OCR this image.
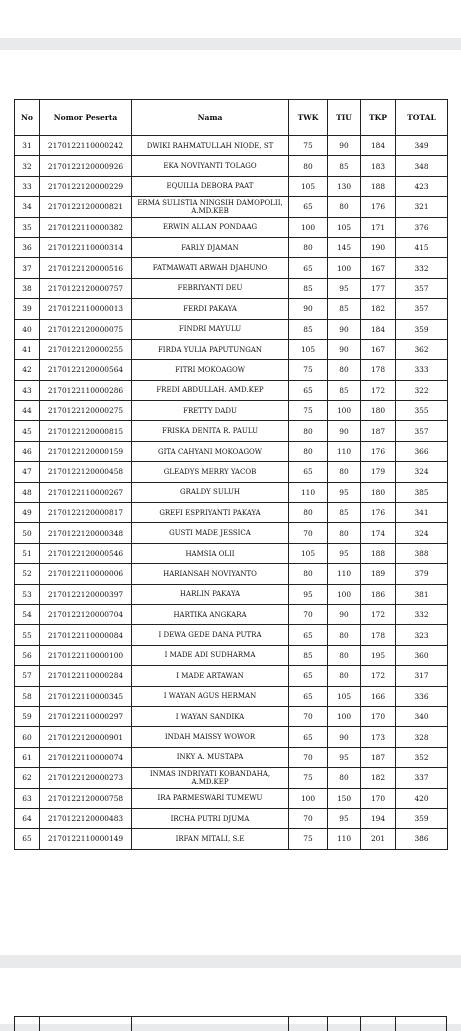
No	Nomor Peserta	Nama	TWK	TIU	TKP	TOTAL
31	2170122110000242	DWIKI RAHMATULLAH NIODE, ST	75	90	184	349
32	2170122120000926	EKA NOVIYANTI TOLAGO	80	85	183	348
33	2170122120000229	EQUILIA DEBORA PAAT	105	130	188	423
34	2170122120000821	ERMA SULISTIA NINGSIH DAMOPOLII, A.MD.KEB	65	80	176	321
35	2170122110000382	ERWIN ALLAN PONDAAG	100	105	171	376
36	2170122110000314	FARLY DJAMAN	80	145	190	415
37	2170122120000516	FATMAWATI ARWAH DJAHUNO	65	100	167	332
38	2170122120000757	FEBRIYANTI DEU	85	95	177	357
39	2170122110000013	FERDI PAKAYA	90	85	182	357
40	2170122120000075	FINDRI MAYULU	85	90	184	359
41	2170122120000255	FIRDA YULIA PAPUTUNGAN	105	90	167	362
42	2170122120000564	FITRI MOKOAGOW	75	80	178	333
43	2170122110000286	FREDI ABDULLAH. AMD.KEP	65	85	172	322
44	2170122120000275	FRETTY DADU	75	100	180	355
45	2170122120000815	FRISKA DENITA R. PAULU	80	90	187	357
46	2170122120000159	GITA CAHYANI MOKOAGOW	80	110	176	366
47	2170122120000458	GLEADYS MERRY YACOB	65	80	179	324
48	2170122110000267	GRALDY SULUH	110	95	180	385
49	2170122120000817	GREFI ESPRIYANTI PAKAYA	80	85	176	341
50	2170122120000348	GUSTI MADE JESSICA	70	80	174	324
51	2170122120000546	HAMSIA OLII	105	95	188	388
52	2170122110000006	HARIANSAH NOVIYANTO	80	110	189	379
53	2170122120000397	HARLIN PAKAYA	95	100	186	381
54	2170122120000704	HARTIKA ANGKARA	70	90	172	332
55	2170122110000084	I DEWA GEDE DANA PUTRA	65	80	178	323
56	2170122110000100	I MADE ADI SUDHARMA	85	80	195	360
57	2170122110000284	I MADE ARTAWAN	65	80	172	317
58	2170122110000345	I WAYAN AGUS HERMAN	65	105	166	336
59	2170122110000297	I WAYAN SANDIKA	70	100	170	340
60	2170122120000901	INDAH MAISSY WOWOR	65	90	173	328
61	2170122110000074	INKY A. MUSTAPA	70	95	187	352
62	2170122120000273	INMAS INDRIYATI KOBANDAHA, A.MD.KEP	75	80	182	337
63	2170122120000758	IRA PARMESWARI TUMEWU	100	150	170	420
64	2170122120000483	IRCHA PUTRI DJUMA	70	95	194	359
65	2170122110000149	IRFAN MITALI, S.E	75	110	201	386
